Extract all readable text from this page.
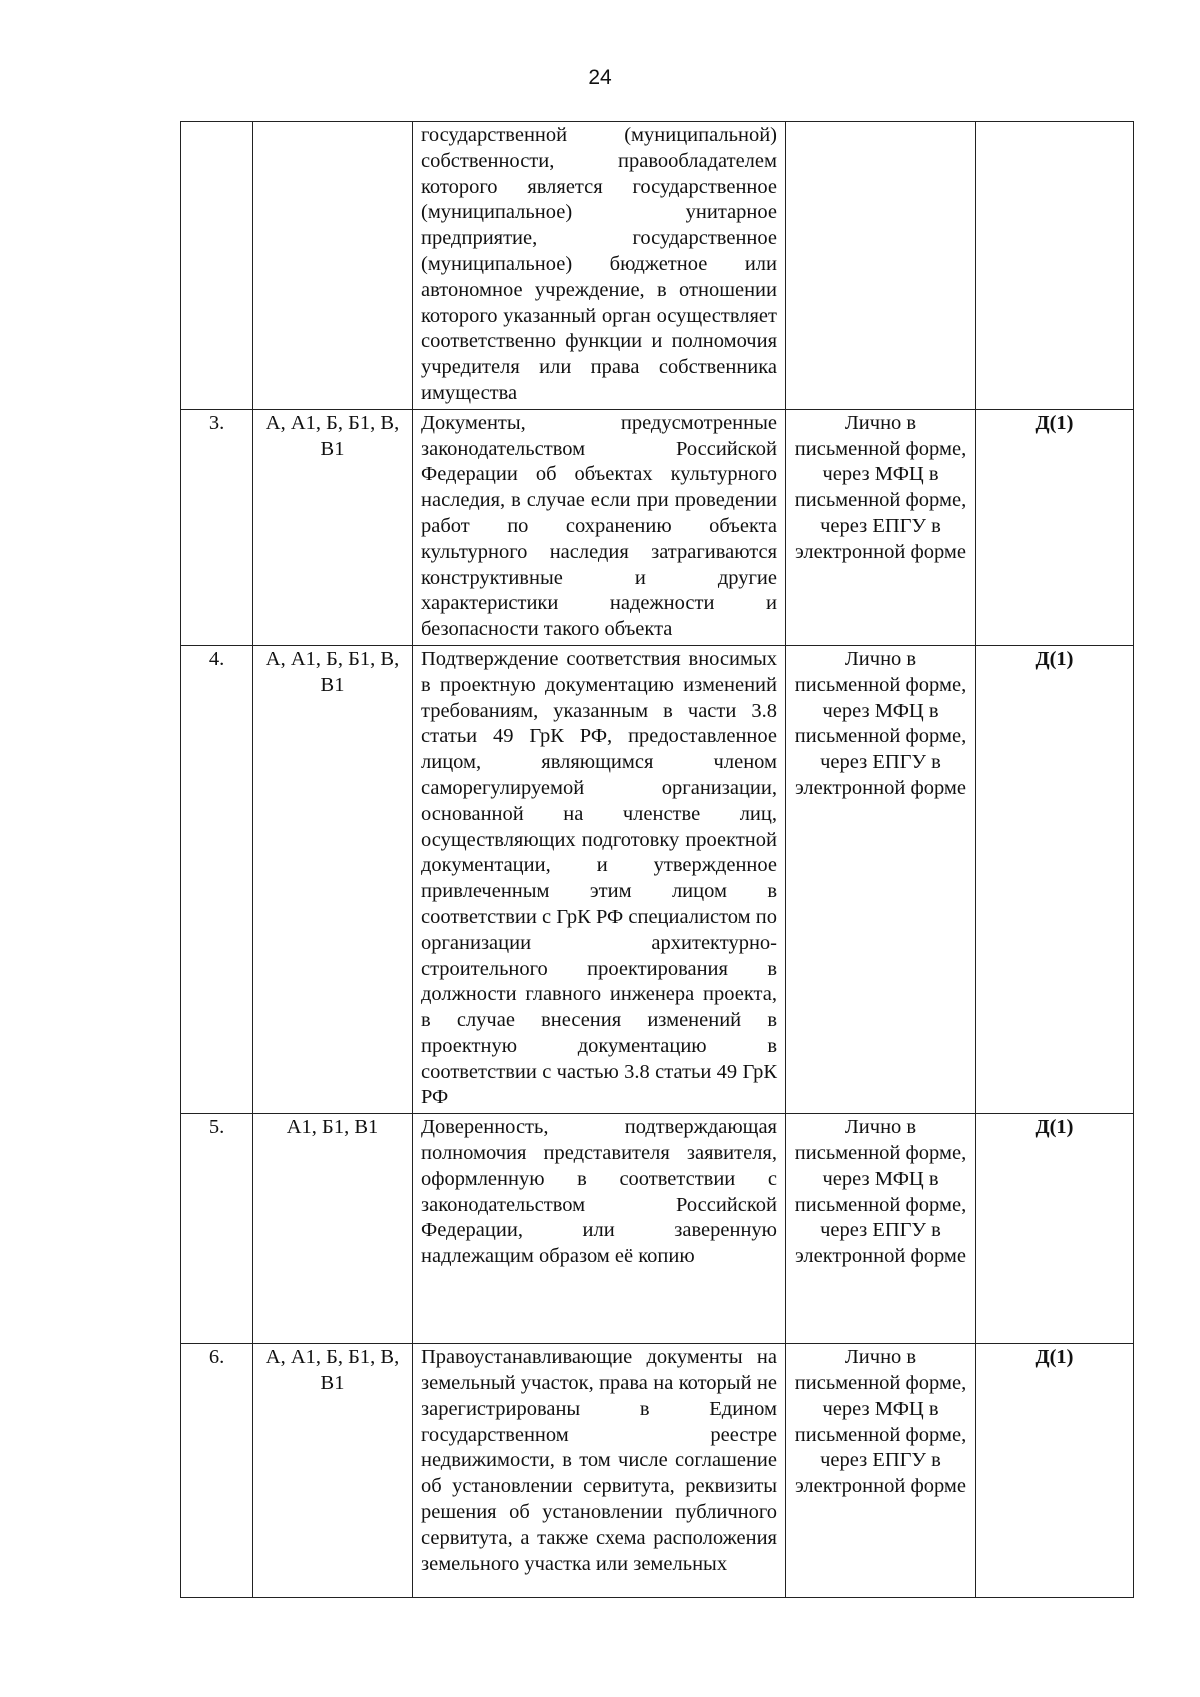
24
		государственной (муниципальной) собственности, правообладателем которого является государственное (муниципальное) унитарное предприятие, государственное (муниципальное) бюджетное или автономное учреждение, в отношении которого указанный орган осуществляет соответственно функции и полномочия учредителя или права собственника имущества		
3.	А, А1, Б, Б1, В, В1	Документы, предусмотренные законодательством Российской Федерации об объектах культурного наследия, в случае если при проведении работ по сохранению объекта культурного наследия затрагиваются конструктивные и другие характеристики надежности и безопасности такого объекта	Лично в письменной форме, через МФЦ в письменной форме, через ЕПГУ в электронной форме	Д(1)
4.	А, А1, Б, Б1, В, В1	Подтверждение соответствия вносимых в проектную документацию изменений требованиям, указанным в части 3.8 статьи 49 ГрК РФ, предоставленное лицом, являющимся членом саморегулируемой организации, основанной на членстве лиц, осуществляющих подготовку проектной документации, и утвержденное привлеченным этим лицом в соответствии с ГрК РФ специалистом по организации архитектурно-строительного проектирования в должности главного инженера проекта, в случае внесения изменений в проектную документацию в соответствии с частью 3.8 статьи 49 ГрК РФ	Лично в письменной форме, через МФЦ в письменной форме, через ЕПГУ в электронной форме	Д(1)
5.	А1, Б1, В1	Доверенность, подтверждающая полномочия представителя заявителя, оформленную в соответствии с законодательством Российской Федерации, или заверенную надлежащим образом её копию	Лично в письменной форме, через МФЦ в письменной форме, через ЕПГУ в электронной форме	Д(1)
6.	А, А1, Б, Б1, В, В1	Правоустанавливающие документы на земельный участок, права на который не зарегистрированы в Едином государственном реестре недвижимости, в том числе соглашение об установлении сервитута, реквизиты решения об установлении публичного сервитута, а также схема расположения земельного участка или земельных	Лично в письменной форме, через МФЦ в письменной форме, через ЕПГУ в электронной форме	Д(1)
